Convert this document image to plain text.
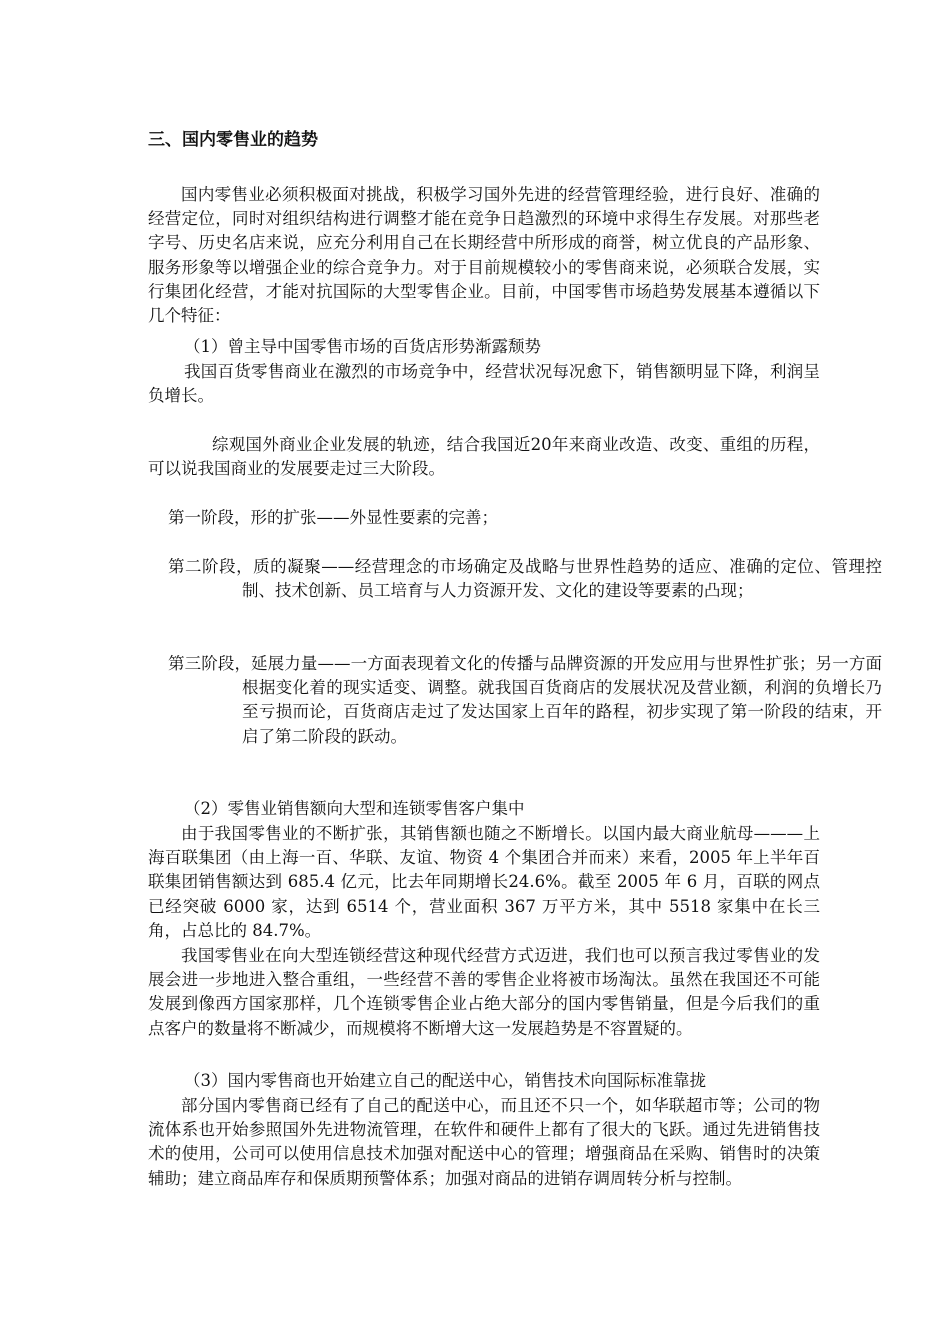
三、国内零售业的趋势

国内零售业必须积极面对挑战，积极学习国外先进的经营管理经验，进行良好、准确的经营定位，同时对组织结构进行调整才能在竞争日趋激烈的环境中求得生存发展。对那些老字号、历史名店来说，应充分利用自己在长期经营中所形成的商誉，树立优良的产品形象、服务形象等以增强企业的综合竞争力。对于目前规模较小的零售商来说，必须联合发展，实行集团化经营，才能对抗国际的大型零售企业。目前，中国零售市场趋势发展基本遵循以下几个特征：

（1）曾主导中国零售市场的百货店形势渐露颓势

我国百货零售商业在激烈的市场竞争中，经营状况每况愈下，销售额明显下降，利润呈负增长。

综观国外商业企业发展的轨迹，结合我国近20年来商业改造、改变、重组的历程，可以说我国商业的发展要走过三大阶段。

第一阶段，形的扩张——外显性要素的完善；

第二阶段，质的凝聚——经营理念的市场确定及战略与世界性趋势的适应、准确的定位、管理控制、技术创新、员工培育与人力资源开发、文化的建设等要素的凸现；

第三阶段，延展力量——一方面表现着文化的传播与品牌资源的开发应用与世界性扩张；另一方面根据变化着的现实适变、调整。就我国百货商店的发展状况及营业额，利润的负增长乃至亏损而论，百货商店走过了发达国家上百年的路程，初步实现了第一阶段的结束，开启了第二阶段的跃动。

（2）零售业销售额向大型和连锁零售客户集中

由于我国零售业的不断扩张，其销售额也随之不断增长。以国内最大商业航母———上海百联集团（由上海一百、华联、友谊、物资 4 个集团合并而来）来看，2005 年上半年百联集团销售额达到 685.4 亿元，比去年同期增长24.6%。截至 2005 年 6 月，百联的网点已经突破 6000 家，达到 6514 个，营业面积 367 万平方米，其中 5518 家集中在长三角，占总比的 84.7%。

我国零售业在向大型连锁经营这种现代经营方式迈进，我们也可以预言我过零售业的发展会进一步地进入整合重组，一些经营不善的零售企业将被市场淘汰。虽然在我国还不可能发展到像西方国家那样，几个连锁零售企业占绝大部分的国内零售销量，但是今后我们的重点客户的数量将不断减少，而规模将不断增大这一发展趋势是不容置疑的。

（3）国内零售商也开始建立自己的配送中心，销售技术向国际标准靠拢

部分国内零售商已经有了自己的配送中心，而且还不只一个，如华联超市等；公司的物流体系也开始参照国外先进物流管理，在软件和硬件上都有了很大的飞跃。通过先进销售技术的使用，公司可以使用信息技术加强对配送中心的管理；增强商品在采购、销售时的决策辅助；建立商品库存和保质期预警体系；加强对商品的进销存调周转分析与控制。
